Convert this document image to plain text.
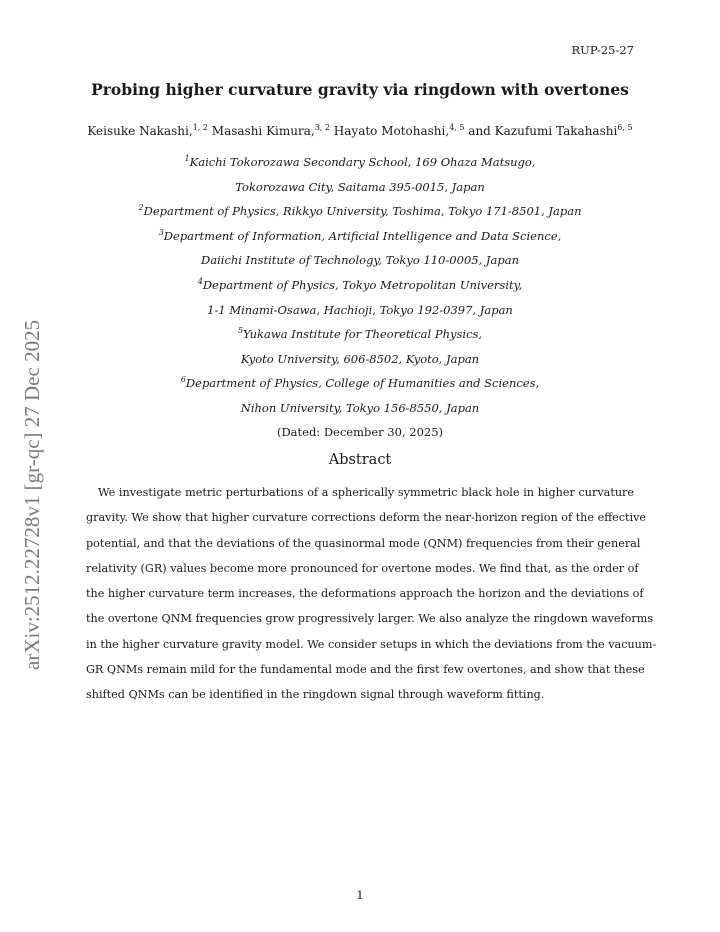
RUP-25-27
Probing higher curvature gravity via ringdown with overtones
Keisuke Nakashi,$^{1, 2}$ Masashi Kimura,$^{3, 2}$ Hayato Motohashi,$^{4, 5}$ and Kazufumi Takahashi$^{6, 5}$
$^1$Kaichi Tokorozawa Secondary School, 169 Ohaza Matsugo,
Tokorozawa City, Saitama 395-0015, Japan
$^2$Department of Physics, Rikkyo University, Toshima, Tokyo 171-8501, Japan
$^3$Department of Information, Artificial Intelligence and Data Science,
Daiichi Institute of Technology, Tokyo 110-0005, Japan
$^4$Department of Physics, Tokyo Metropolitan University,
1-1 Minami-Osawa, Hachioji, Tokyo 192-0397, Japan
$^5$Yukawa Institute for Theoretical Physics,
Kyoto University, 606-8502, Kyoto, Japan
$^6$Department of Physics, College of Humanities and Sciences,
Nihon University, Tokyo 156-8550, Japan
(Dated: December 30, 2025)
Abstract
We investigate metric perturbations of a spherically symmetric black hole in higher curvature
gravity. We show that higher curvature corrections deform the near-horizon region of the effective
potential, and that the deviations of the quasinormal mode (QNM) frequencies from their general
relativity (GR) values become more pronounced for overtone modes. We find that, as the order of
the higher curvature term increases, the deformations approach the horizon and the deviations of
the overtone QNM frequencies grow progressively larger. We also analyze the ringdown waveforms
in the higher curvature gravity model. We consider setups in which the deviations from the vacuum-
GR QNMs remain mild for the fundamental mode and the first few overtones, and show that these
shifted QNMs can be identified in the ringdown signal through waveform fitting.
arXiv:2512.22728v1 [gr-qc] 27 Dec 2025
1
